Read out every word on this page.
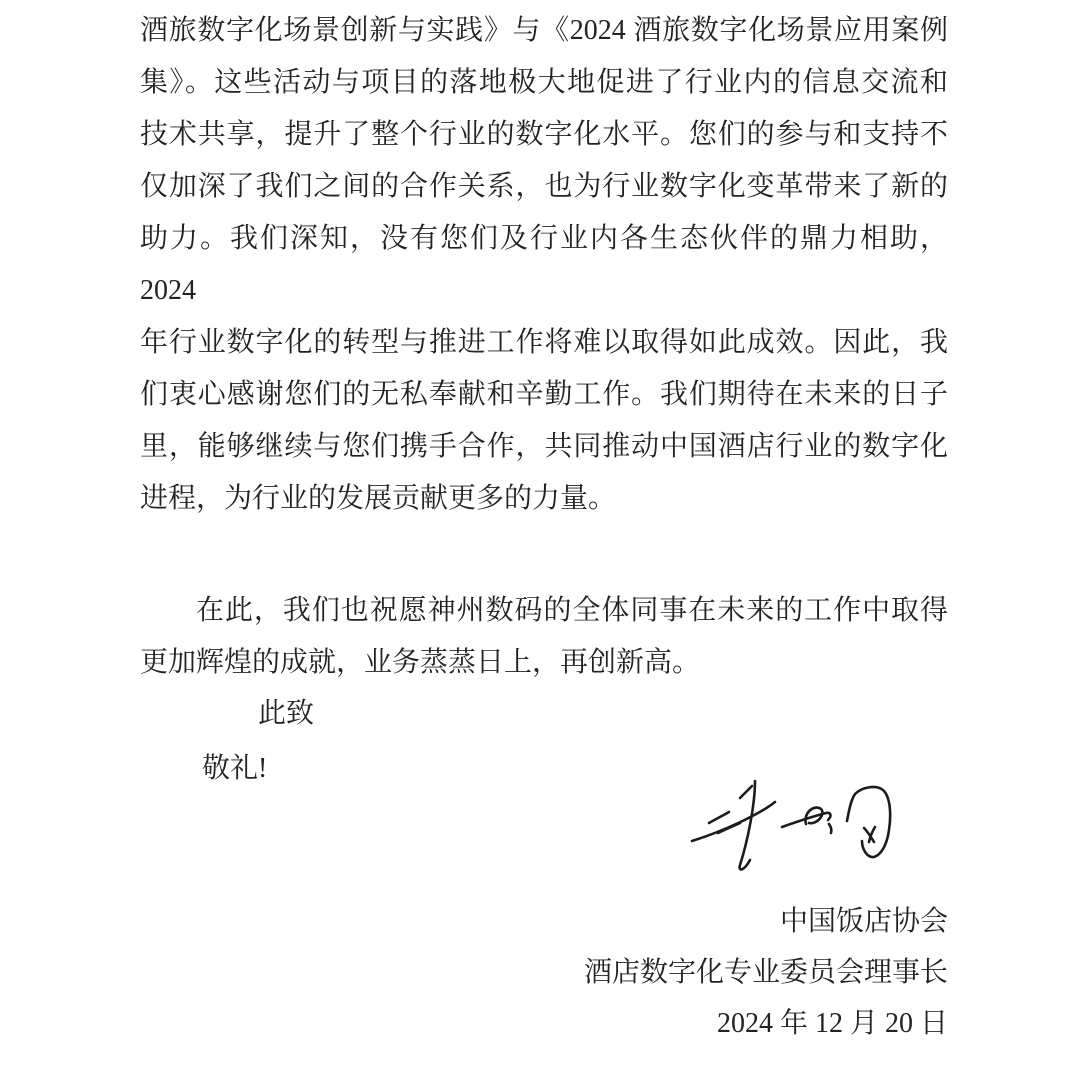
酒旅数字化场景创新与实践》与《2024 酒旅数字化场景应用案例
集》。这些活动与项目的落地极大地促进了行业内的信息交流和
技术共享，提升了整个行业的数字化水平。您们的参与和支持不
仅加深了我们之间的合作关系，也为行业数字化变革带来了新的
助力。我们深知，没有您们及行业内各生态伙伴的鼎力相助，2024
年行业数字化的转型与推进工作将难以取得如此成效。因此，我
们衷心感谢您们的无私奉献和辛勤工作。我们期待在未来的日子
里，能够继续与您们携手合作，共同推动中国酒店行业的数字化
进程，为行业的发展贡献更多的力量。
在此，我们也祝愿神州数码的全体同事在未来的工作中取得
更加辉煌的成就，业务蒸蒸日上，再创新高。
此致
敬礼!
中国饭店协会
酒店数字化专业委员会理事长
2024 年 12 月 20 日
